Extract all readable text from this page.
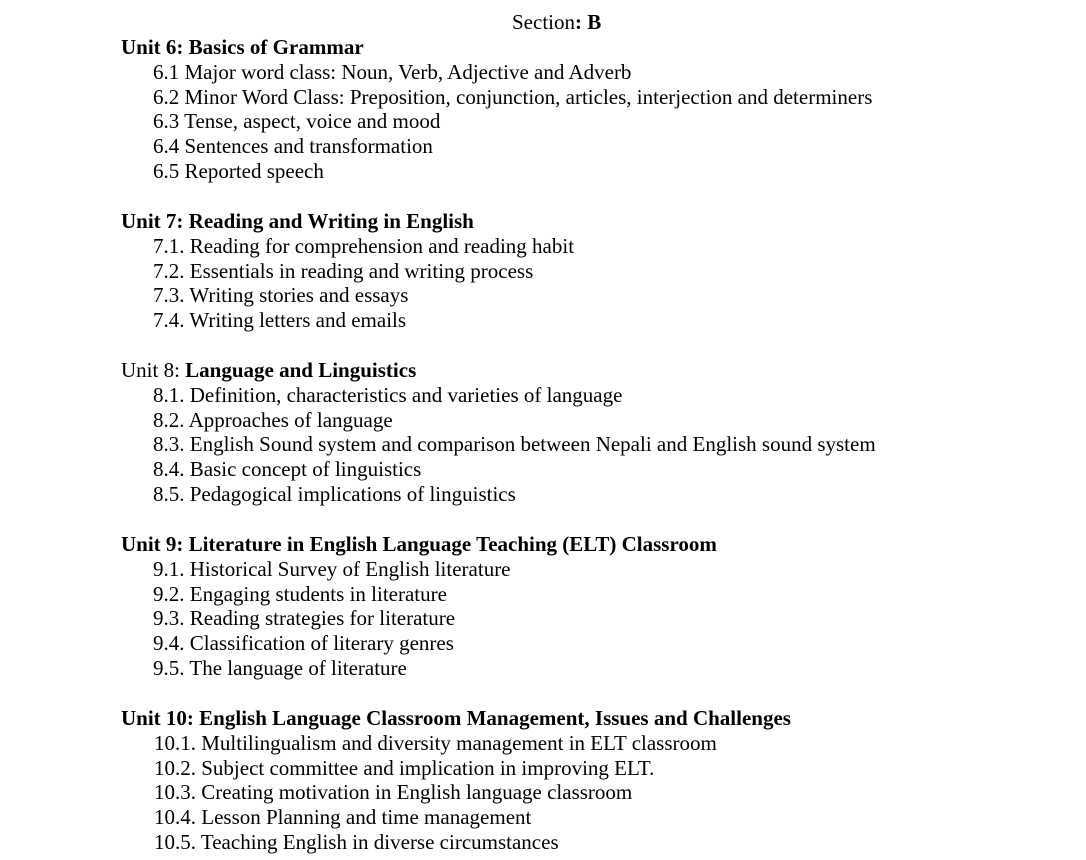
Section: B
Unit 6: Basics of Grammar
6.1 Major word class: Noun, Verb, Adjective and Adverb
6.2 Minor Word Class: Preposition, conjunction, articles, interjection and determiners
6.3 Tense, aspect, voice and mood
6.4 Sentences and transformation
6.5 Reported speech
Unit 7: Reading and Writing in English
7.1. Reading for comprehension and reading habit
7.2. Essentials in reading and writing process
7.3. Writing stories and essays
7.4. Writing letters and emails
Unit 8: Language and Linguistics
8.1. Definition, characteristics and varieties of language
8.2. Approaches of language
8.3. English Sound system and comparison between Nepali and English sound system
8.4. Basic concept of linguistics
8.5. Pedagogical implications of linguistics
Unit 9: Literature in English Language Teaching (ELT) Classroom
9.1. Historical Survey of English literature
9.2. Engaging students in literature
9.3. Reading strategies for literature
9.4. Classification of literary genres
9.5. The language of literature
Unit 10: English Language Classroom Management, Issues and Challenges
10.1. Multilingualism and diversity management in ELT classroom
10.2. Subject committee and implication in improving ELT.
10.3. Creating motivation in English language classroom
10.4. Lesson Planning and time management
10.5. Teaching English in diverse circumstances
